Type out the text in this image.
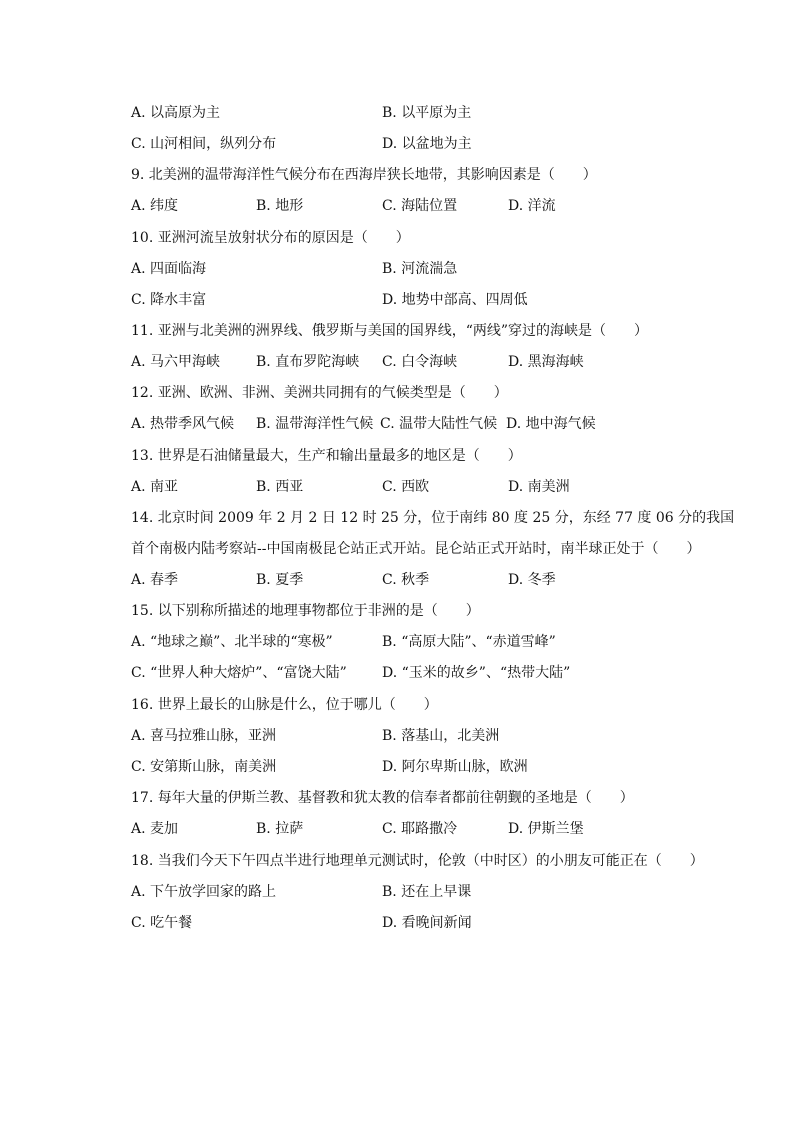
A. 以高原为主	B. 以平原为主
C. 山河相间，纵列分布	D. 以盆地为主
9. 北美洲的温带海洋性气候分布在西海岸狭长地带，其影响因素是（　　）
A. 纬度	B. 地形	C. 海陆位置	D. 洋流
10. 亚洲河流呈放射状分布的原因是（　　）
A. 四面临海	B. 河流湍急
C. 降水丰富	D. 地势中部高、四周低
11. 亚洲与北美洲的洲界线、俄罗斯与美国的国界线，“两线”穿过的海峡是（　　）
A. 马六甲海峡	B. 直布罗陀海峡 C. 白令海峡	D. 黑海海峡
12. 亚洲、欧洲、非洲、美洲共同拥有的气候类型是（　　）
A. 热带季风气候 B. 温带海洋性气候 C. 温带大陆性气候 D. 地中海气候
13. 世界是石油储量最大，生产和输出量最多的地区是（　　）
A. 南亚	B. 西亚	C. 西欧	D. 南美洲
14. 北京时间 2009 年 2 月 2 日 12 时 25 分，位于南纬 80 度 25 分，东经 77 度 06 分的我国
首个南极内陆考察站--中国南极昆仑站正式开站。昆仑站正式开站时，南半球正处于（　　）
A. 春季	B. 夏季	C. 秋季	D. 冬季
15. 以下别称所描述的地理事物都位于非洲的是（　　）
A. “地球之巅”、北半球的“寒极”	B. “高原大陆”、“赤道雪峰”
C. “世界人种大熔炉”、“富饶大陆”	D. “玉米的故乡”、“热带大陆”
16. 世界上最长的山脉是什么，位于哪儿（　　）
A. 喜马拉雅山脉，亚洲	B. 落基山，北美洲
C. 安第斯山脉，南美洲	D. 阿尔卑斯山脉，欧洲
17. 每年大量的伊斯兰教、基督教和犹太教的信奉者都前往朝觐的圣地是（　　）
A. 麦加	B. 拉萨	C. 耶路撒冷	D. 伊斯兰堡
18. 当我们今天下午四点半进行地理单元测试时，伦敦（中时区）的小朋友可能正在（　　）
A. 下午放学回家的路上	B. 还在上早课
C. 吃午餐	D. 看晚间新闻
